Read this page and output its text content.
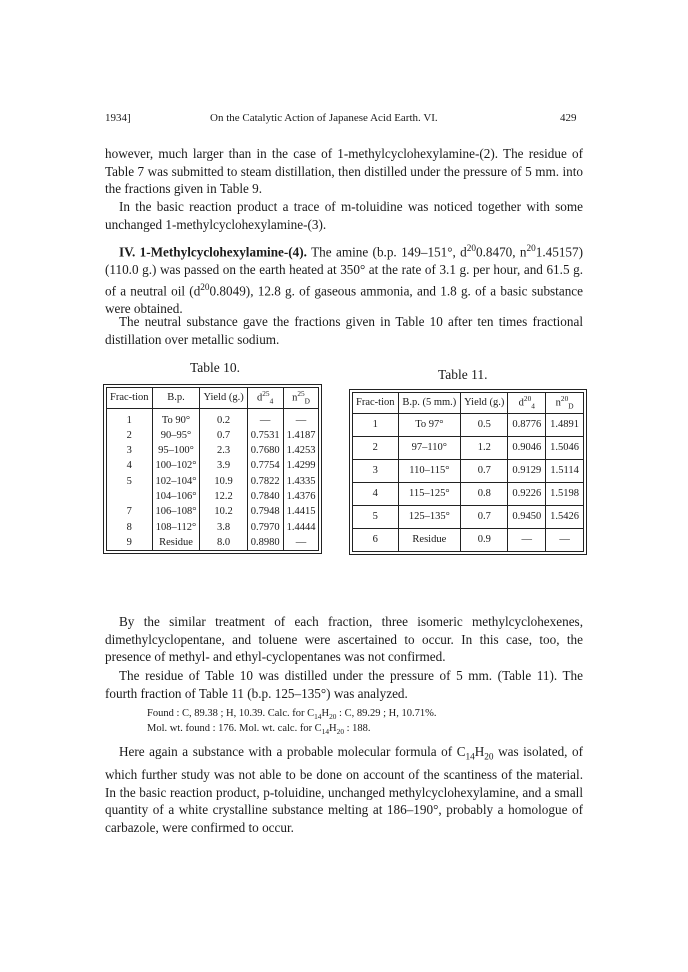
1934]	On the Catalytic Action of Japanese Acid Earth. VI.	429

however, much larger than in the case of 1-methylcyclohexylamine-(2). The residue of Table 7 was submitted to steam distillation, then distilled under the pressure of 5 mm. into the fractions given in Table 9.

In the basic reaction product a trace of m-toluidine was noticed together with some unchanged 1-methylcyclohexylamine-(3).

IV. 1-Methylcyclohexylamine-(4). The amine (b.p. 149–151°, $d^{20}0.8470$, $n^{20}1.45157$) (110.0 g.) was passed on the earth heated at 350° at the rate of 3.1 g. per hour, and 61.5 g. of a neutral oil $(d^{20}0.8049)$, 12.8 g. of gaseous ammonia, and 1.8 g. of a basic substance were obtained.

The neutral substance gave the fractions given in Table 10 after ten times fractional distillation over metallic sodium.

Table 10.	Table 11.
Frac-tion	B.p.	Yield (g.)	$d^{25}_4$	$n^{25}_D$
1	To 90°	0.2	—	—
2	90–95°	0.7	0.7531	1.4187
3	95–100°	2.3	0.7680	1.4253
4	100–102°	3.9	0.7754	1.4299
5	102–104°	10.9	0.7822	1.4335
	104–106°	12.2	0.7840	1.4376
7	106–108°	10.2	0.7948	1.4415
8	108–112°	3.8	0.7970	1.4444
9	Residue	8.0	0.8980	—
Frac-tion	B.p. (5 mm.)	Yield (g.)	$d^{20}_4$	$n^{20}_D$
1	To 97°	0.5	0.8776	1.4891
2	97–110°	1.2	0.9046	1.5046
3	110–115°	0.7	0.9129	1.5114
4	115–125°	0.8	0.9226	1.5198
5	125–135°	0.7	0.9450	1.5426
6	Residue	0.9	—	—

By the similar treatment of each fraction, three isomeric methylcyclohexenes, dimethylcyclopentane, and toluene were ascertained to occur. In this case, too, the presence of methyl- and ethyl-cyclopentanes was not confirmed.

The residue of Table 10 was distilled under the pressure of 5 mm. (Table 11). The fourth fraction of Table 11 (b.p. 125–135°) was analyzed.

Found : C, 89.38 ; H, 10.39. Calc. for $C_{14}H_{20}$ : C, 89.29 ; H, 10.71%.

Mol. wt. found : 176. Mol. wt. calc. for $C_{14}H_{20}$ : 188.

Here again a substance with a probable molecular formula of $C_{14}H_{20}$ was isolated, of which further study was not able to be done on account of the scantiness of the material. In the basic reaction product, p-toluidine, unchanged methylcyclohexylamine, and a small quantity of a white crystalline substance melting at 186–190°, probably a homologue of carbazole, were confirmed to occur.
